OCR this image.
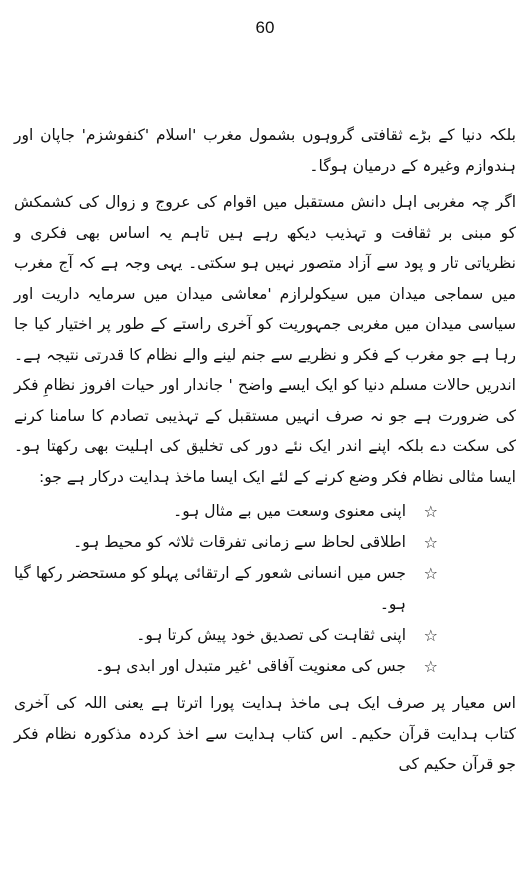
60

بلکہ دنیا کے بڑے ثقافتی گروہوں بشمول مغرب 'اسلام 'کنفوشزم' جاپان اور ہندوازم وغیرہ کے درمیان ہوگا۔

اگر چہ مغربی اہل دانش مستقبل میں اقوام کی عروج و زوال کی کشمکش کو مبنی بر ثقافت و تہذیب دیکھ رہے ہیں تاہم یہ اساس بھی فکری و نظریاتی تار و پود سے آزاد متصور نہیں ہو سکتی۔ یہی وجہ ہے کہ آج مغرب میں سماجی میدان میں سیکولرازم 'معاشی میدان میں سرمایہ داریت اور سیاسی میدان میں مغربی جمہوریت کو آخری راستے کے طور پر اختیار کیا جا رہا ہے جو مغرب کے فکر و نظریے سے جنم لینے والے نظام کا قدرتی نتیجہ ہے۔ اندریں حالات مسلم دنیا کو ایک ایسے واضح ' جاندار اور حیات افروز نظامِ فکر کی ضرورت ہے جو نہ صرف انہیں مستقبل کے تہذیبی تصادم کا سامنا کرنے کی سکت دے بلکہ اپنے اندر ایک نئے دور کی تخلیق کی اہلیت بھی رکھتا ہو۔ ایسا مثالی نظام فکر وضع کرنے کے لئے ایک ایسا ماخذ ہدایت درکار ہے جو:

☆
اپنی معنوی وسعت میں بے مثال ہو۔
☆
اطلاقی لحاظ سے زمانی تفرقات ثلاثہ کو محیط ہو۔
☆
جس میں انسانی شعور کے ارتقائی پہلو کو مستحضر رکھا گیا ہو۔
☆
اپنی ثقاہت کی تصدیق خود پیش کرتا ہو۔
☆
جس کی معنویت آفاقی 'غیر متبدل اور ابدی ہو۔

اس معیار پر صرف ایک ہی ماخذ ہدایت پورا اترتا ہے یعنی اللہ کی آخری کتاب ہدایت قرآن حکیم۔ اس کتاب ہدایت سے اخذ کردہ مذکورہ نظام فکر جو قرآن حکیم کی
